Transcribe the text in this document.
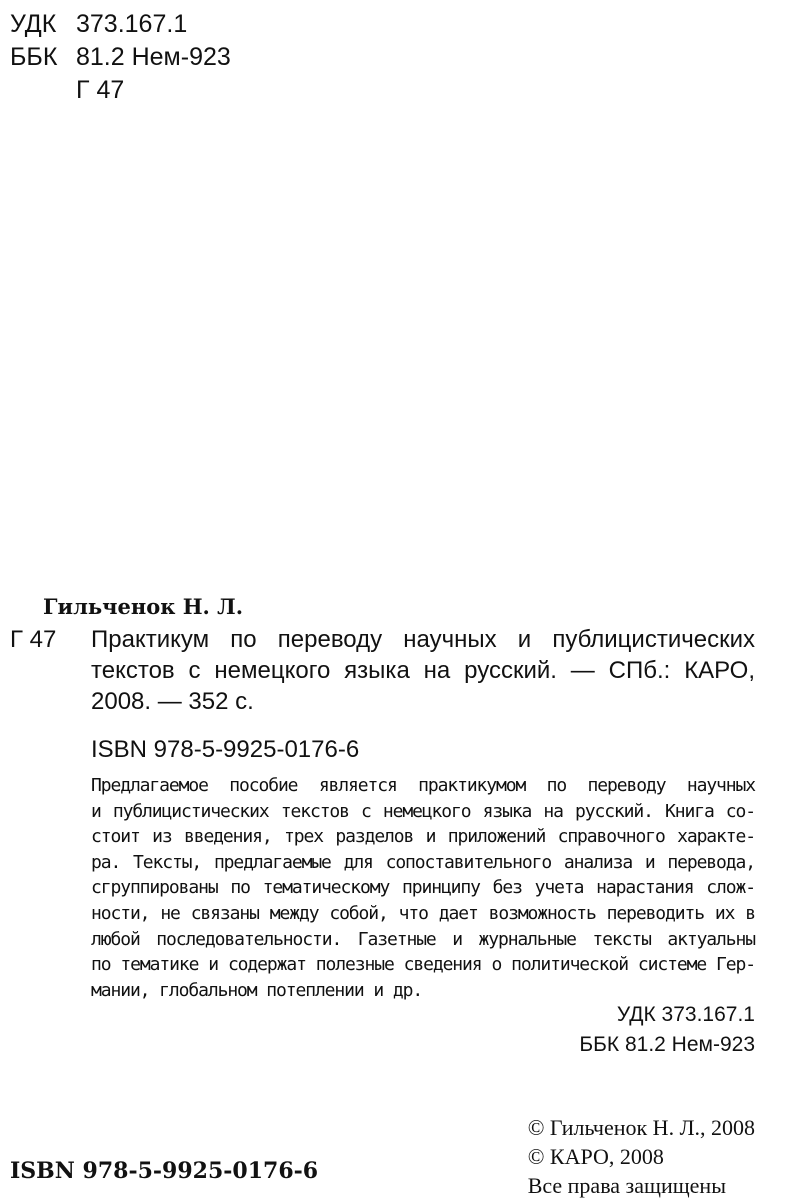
УДК 373.167.1
ББК 81.2 Нем-923
Г 47
Гильченок Н. Л.
Г 47 Практикум по переводу научных и публицистических
текстов с немецкого языка на русский. — СПб.: КАРО,
2008. — 352 с.
ISBN 978-5-9925-0176-6
Предлагаемое пособие является практикумом по переводу научных
и публицистических текстов с немецкого языка на русский. Книга со-
стоит из введения, трех разделов и приложений справочного характе-
ра. Тексты, предлагаемые для сопоставительного анализа и перевода,
сгруппированы по тематическому принципу без учета нарастания слож-
ности, не связаны между собой, что дает возможность переводить их в
любой последовательности. Газетные и журнальные тексты актуальны
по тематике и содержат полезные сведения о политической системе Гер-
мании, глобальном потеплении и др.
УДК 373.167.1
ББК 81.2 Нем-923
© Гильченок Н. Л., 2008
© КАРО, 2008
Все права защищены
ISBN 978-5-9925-0176-6
